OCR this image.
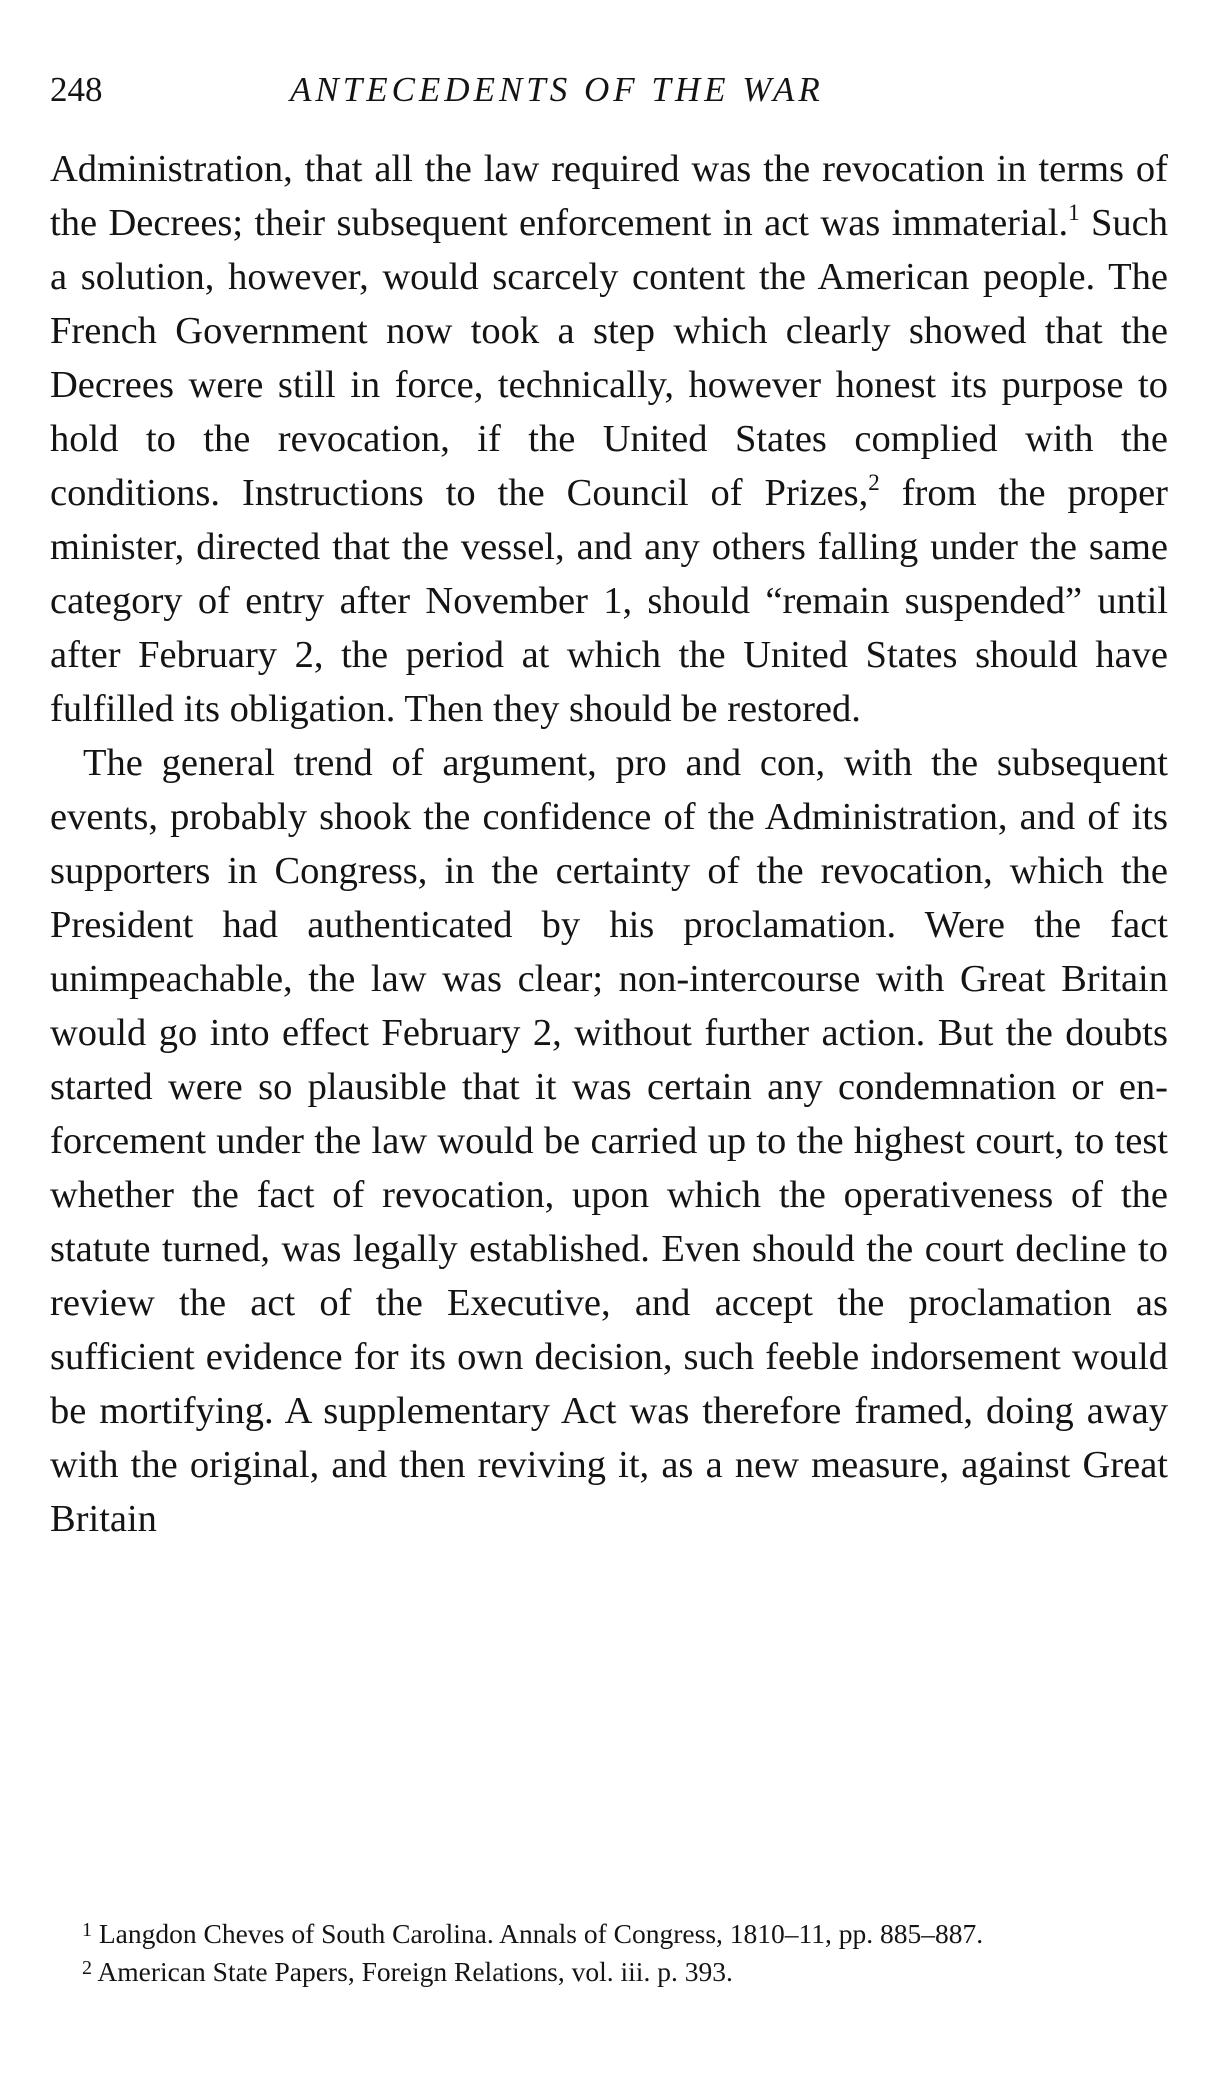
248	ANTECEDENTS OF THE WAR

Administration, that all the law required was the revocation in terms of the Decrees; their subsequent enforcement in act was immaterial.$^1$ Such a solution, however, would scarcely content the American people. The French Government now took a step which clearly showed that the Decrees were still in force, technically, however honest its purpose to hold to the revocation, if the United States complied with the conditions. Instructions to the Council of Prizes,$^2$ from the proper minister, directed that the vessel, and any others falling under the same category of entry after November 1, should “remain suspended” until after February 2, the period at which the United States should have fulfilled its obligation. Then they should be restored.

The general trend of argument, pro and con, with the subsequent events, probably shook the confidence of the Administration, and of its supporters in Congress, in the certainty of the revocation, which the President had authenticated by his proclamation. Were the fact unimpeachable, the law was clear; non-intercourse with Great Britain would go into effect February 2, without further action. But the doubts started were so plausible that it was certain any condemnation or enforcement under the law would be carried up to the highest court, to test whether the fact of revocation, upon which the operativeness of the statute turned, was legally established. Even should the court decline to review the act of the Executive, and accept the proclamation as sufficient evidence for its own decision, such feeble indorsement would be mortifying. A supplementary Act was therefore framed, doing away with the original, and then reviving it, as a new measure, against Great Britain

$^1$ Langdon Cheves of South Carolina. Annals of Congress, 1810–11, pp. 885–887.

$^2$ American State Papers, Foreign Relations, vol. iii. p. 393.
